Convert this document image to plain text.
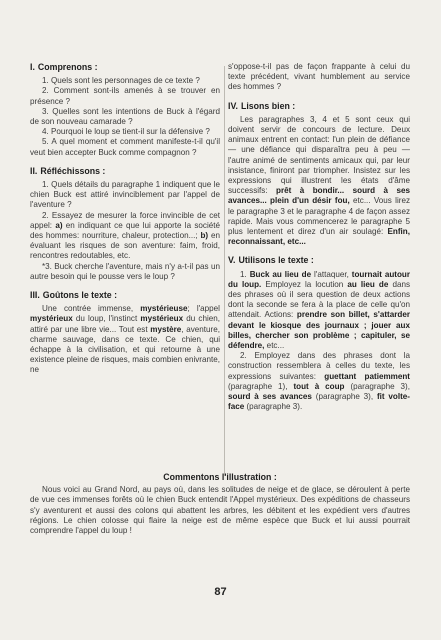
I. Comprenons :

1. Quels sont les personnages de ce texte ?

2. Comment sont-ils amenés à se trouver en présence ?

3. Quelles sont les intentions de Buck à l'égard de son nouveau camarade ?

4. Pourquoi le loup se tient-il sur la défensive ?

5. A quel moment et comment manifeste-t-il qu'il veut bien accepter Buck comme compagnon ?

II. Réfléchissons :

1. Quels détails du paragraphe 1 indiquent que le chien Buck est attiré invinciblement par l'appel de l'aventure ?

2. Essayez de mesurer la force invincible de cet appel: a) en indiquant ce que lui apporte la société des hommes: nourriture, chaleur, protection...; b) en évaluant les risques de son aventure: faim, froid, rencontres redoutables, etc.

*3. Buck cherche l'aventure, mais n'y a-t-il pas un autre besoin qui le pousse vers le loup ?

III. Goûtons le texte :

Une contrée immense, mystérieuse; l'appel mystérieux du loup, l'instinct mystérieux du chien, attiré par une libre vie... Tout est mystère, aventure, charme sauvage, dans ce texte. Ce chien, qui échappe à la civilisation, et qui retourne à une existence pleine de risques, mais combien enivrante, ne

s'oppose-t-il pas de façon frappante à celui du texte précédent, vivant humblement au service des hommes ?

IV. Lisons bien :

Les paragraphes 3, 4 et 5 sont ceux qui doivent servir de concours de lecture. Deux animaux entrent en contact: l'un plein de défiance — une défiance qui disparaîtra peu à peu — l'autre animé de sentiments amicaux qui, par leur insistance, finiront par triompher. Insistez sur les expressions qui illustrent les états d'âme successifs: prêt à bondir... sourd à ses avances... plein d'un désir fou, etc... Vous lirez le paragraphe 3 et le paragraphe 4 de façon assez rapide. Mais vous commencerez le paragraphe 5 plus lentement et direz d'un air soulagé: Enfin, reconnaissant, etc...

V. Utilisons le texte :

1. Buck au lieu de l'attaquer, tournait autour du loup. Employez la locution au lieu de dans des phrases où il sera question de deux actions dont la seconde se fera à la place de celle qu'on attendait. Actions: prendre son billet, s'attarder devant le kiosque des journaux ; jouer aux billes, chercher son problème ; capituler, se défendre, etc...

2. Employez dans des phrases dont la construction ressemblera à celles du texte, les expressions suivantes: guettant patiemment (paragraphe 1), tout à coup (paragraphe 3), sourd à ses avances (paragraphe 3), fit volte-face (paragraphe 3).

Commentons l'illustration :

Nous voici au Grand Nord, au pays où, dans les solitudes de neige et de glace, se déroulent à perte de vue ces immenses forêts où le chien Buck entendit l'Appel mystérieux. Des expéditions de chasseurs s'y aventurent et aussi des colons qui abattent les arbres, les débitent et les expédient vers d'autres régions. Le chien colosse qui flaire la neige est de même espèce que Buck et lui aussi pourrait comprendre l'appel du loup !

87
